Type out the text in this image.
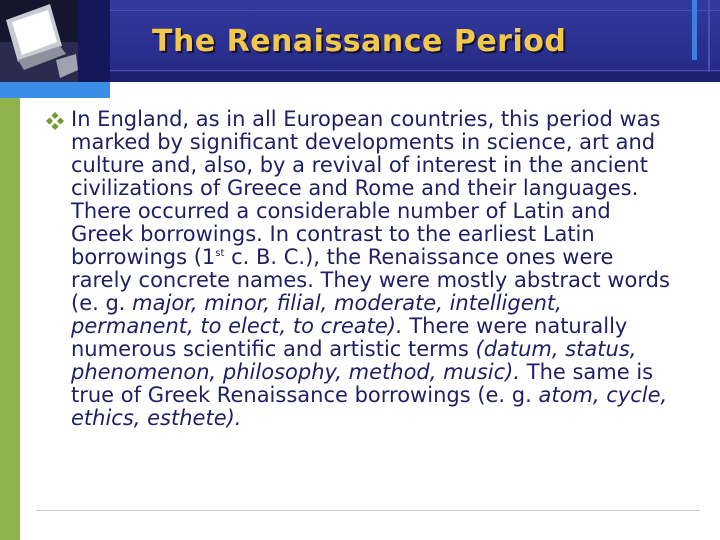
The Renaissance Period
In England, as in all European countries, this period was marked by significant developments in science, art and culture and, also, by a revival of interest in the ancient civilizations of Greece and Rome and their languages. There occurred a considerable number of Latin and Greek borrowings. In contrast to the earliest Latin borrowings (1st c. B. C.), the Renaissance ones were rarely concrete names. They were mostly abstract words (e. g. major, minor, filial, moderate, intelligent, permanent, to elect, to create). There were naturally numerous scientific and artistic terms (datum, status, phenomenon, philosophy, method, music). The same is true of Greek Renaissance borrowings (e. g. atom, cycle, ethics, esthete).
